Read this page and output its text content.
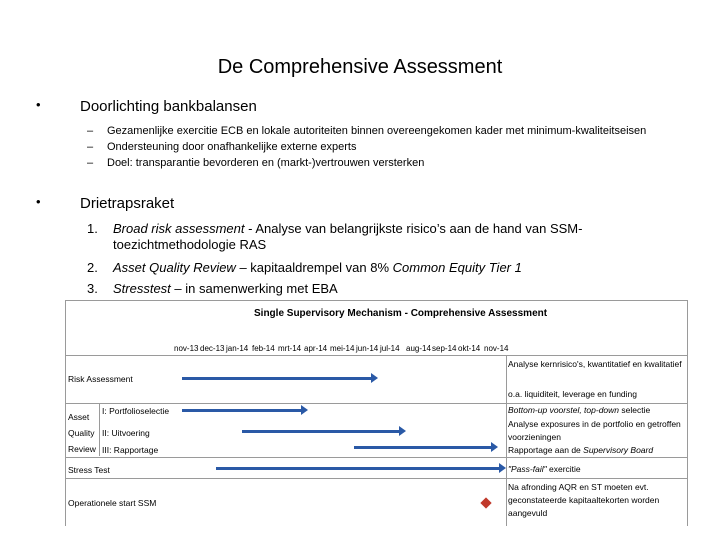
De Comprehensive Assessment
•	Doorlichting bankbalansen
– Gezamenlijke exercitie ECB en lokale autoriteiten binnen overeengekomen kader met minimum-kwaliteitseisen
– Ondersteuning door onafhankelijke externe experts
– Doel: transparantie bevorderen en (markt-)vertrouwen versterken
•	Drietrapsraket
1. Broad risk assessment - Analyse van belangrijkste risico’s aan de hand van SSM-
toezichtmethodologie RAS
2. Asset Quality Review – kapitaaldrempel van 8% Common Equity Tier 1
3. Stresstest – in samenwerking met EBA
Single Supervisory Mechanism - Comprehensive Assessment
nov-13 dec-13 jan-14 feb-14 mrt-14 apr-14 mei-14 jun-14 jul-14 aug-14 sep-14 okt-14 nov-14
Risk Assessment
Asset
Quality
Review
I: Portfolioselectie
II: Uitvoering
III: Rapportage
Stress Test
Operationele start SSM
Analyse kernrisico's, kwantitatief en kwalitatief
o.a. liquiditeit, leverage en funding
Bottom-up voorstel, top-down selectie
Analyse exposures in de portfolio en getroffen
voorzieningen
Rapportage aan de Supervisory Board
"Pass-fail" exercitie
Na afronding AQR en ST moeten evt.
geconstateerde kapitaaltekorten worden
aangevuld
